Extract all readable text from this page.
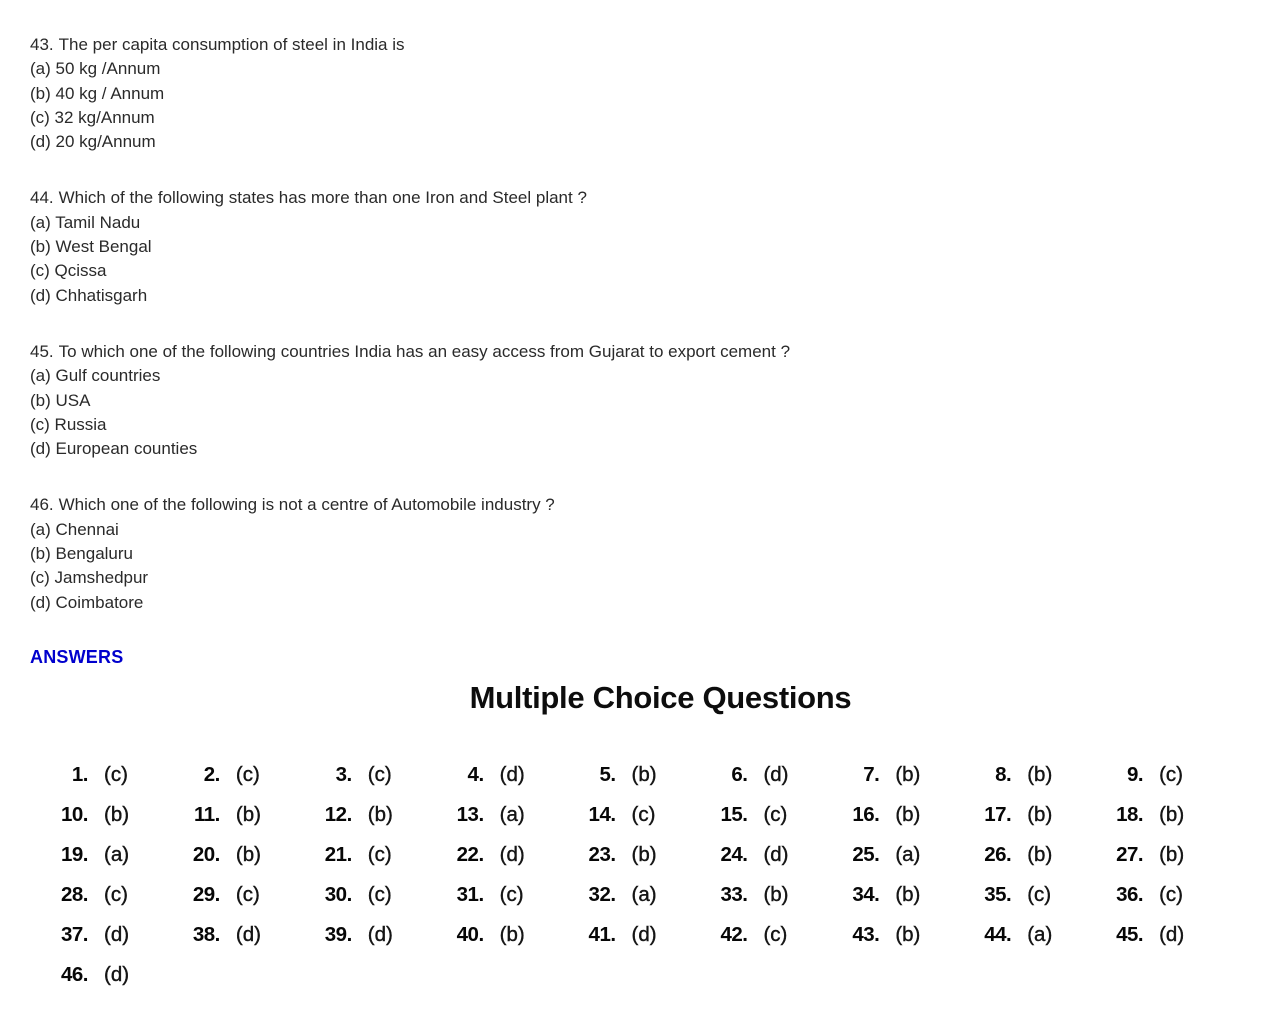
43. The per capita consumption of steel in India is
(a) 50 kg /Annum
(b) 40 kg / Annum
(c) 32 kg/Annum
(d) 20 kg/Annum
44. Which of the following states has more than one Iron and Steel plant ?
(a) Tamil Nadu
(b) West Bengal
(c) Qcissa
(d) Chhatisgarh
45. To which one of the following countries India has an easy access from Gujarat to export cement ?
(a) Gulf countries
(b) USA
(c) Russia
(d) European counties
46. Which one of the following is not a centre of Automobile industry ?
(a) Chennai
(b) Bengaluru
(c) Jamshedpur
(d) Coimbatore
ANSWERS
Multiple Choice Questions
1. (c)	2. (c)	3. (c)	4. (d)	5. (b)	6. (d)	7. (b)	8. (b)	9. (c)
10. (b)	11. (b)	12. (b)	13. (a)	14. (c)	15. (c)	16. (b)	17. (b)	18. (b)
19. (a)	20. (b)	21. (c)	22. (d)	23. (b)	24. (d)	25. (a)	26. (b)	27. (b)
28. (c)	29. (c)	30. (c)	31. (c)	32. (a)	33. (b)	34. (b)	35. (c)	36. (c)
37. (d)	38. (d)	39. (d)	40. (b)	41. (d)	42. (c)	43. (b)	44. (a)	45. (d)
46. (d)
